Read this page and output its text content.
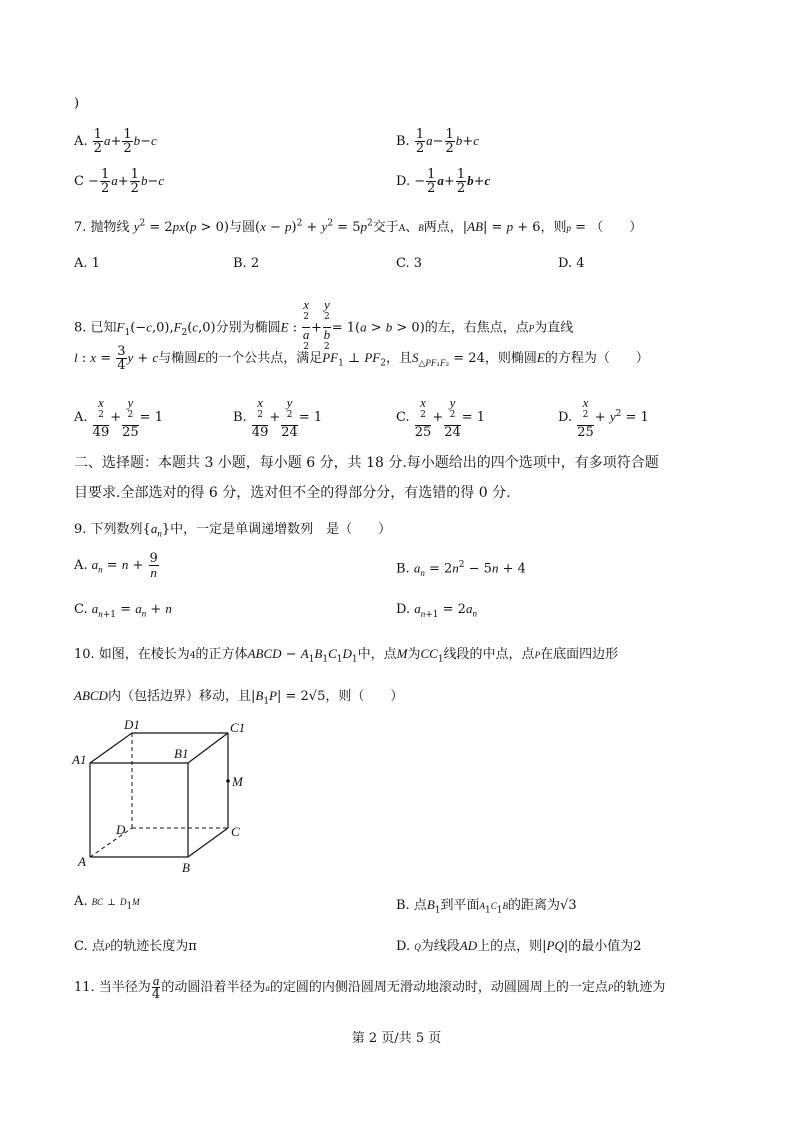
)
A. $\frac{1}{2} a+ \frac{1}{2} b-c$	B. $\frac{1}{2} a- \frac{1}{2} b+c$
$C - \frac{1}{2} a+ \frac{1}{2} b-c$	D. − $\frac{1}{2} a+ \frac{1}{2} b+c$
7. 抛物线 $y^2 = 2px(p > 0)$与圆$(x - p)^2 + y^2 = 5p^2$交于A、B两点，|AB| = p + 6，则p = （　　）
A. 1	B. 2	C. 3	D. 4
8. 已知$F_1(-c,0),F_2(c,0)$分别为椭圆E : x
$^2$
a
$^2$ + y
$^2$
b
$^2$ = 1(a > b > 0)的左，右焦点，点P为直线
l : $x = \frac{3}{4}$ y + c与椭圆E的一个公共点，满足$PF_1$ ⊥ $PF_2$，且$S_{\triangle PF_1F_2} = 24$，则椭圆E的方程为（　　）
A. x
$^2$
49 + y
$^2$
25 = 1	B. x
$^2$
49 + y
$^2$
24 = 1	C. x
$^2$
25 + y
$^2$
24 = 1	D. x
$^2$
$25 + y^2 = 1$
二、选择题：本题共 3 小题，每小题 6 分，共 18 分.每小题给出的四个选项中，有多项符合题
目要求.全部选对的得 6 分，选对但不全的得部分分，有选错的得 0 分.
9. 下列数列$\{a_n\}$中，一定是单调递增数列　是（　　）
A. $a_n = n + \frac{9}{n}$	B. $a_n = 2n^2 - 5n + 4$
C. $a_{n+1} = a_n + n$	D. $a_{n+1} = 2a_n$
10. 如图，在棱长为4的正方体ABCD − $A_1B_1C_1D_1$中，点M为$CC_1$线段的中点，点P在底面四边形
ABCD内（包括边界）移动，且$|B_1P| = 2√5$，则（　　）
D1	C1
A1	B1
M
D	C
A	B
A. BC ⊥ $D_1M$	B. 点$B_1$到平面$A_1C_1B$的距离为√3
C. 点P的轨迹长度为π	D. Q为线段AD上的点，则|PQ|的最小值为2
11. 当半径为 $\frac{a}{4}$ 的动圆沿着半径为a的定圆的内侧沿圆周无滑动地滚动时，动圆圆周上的一定点P的轨迹为
第 2 页/共 5 页
